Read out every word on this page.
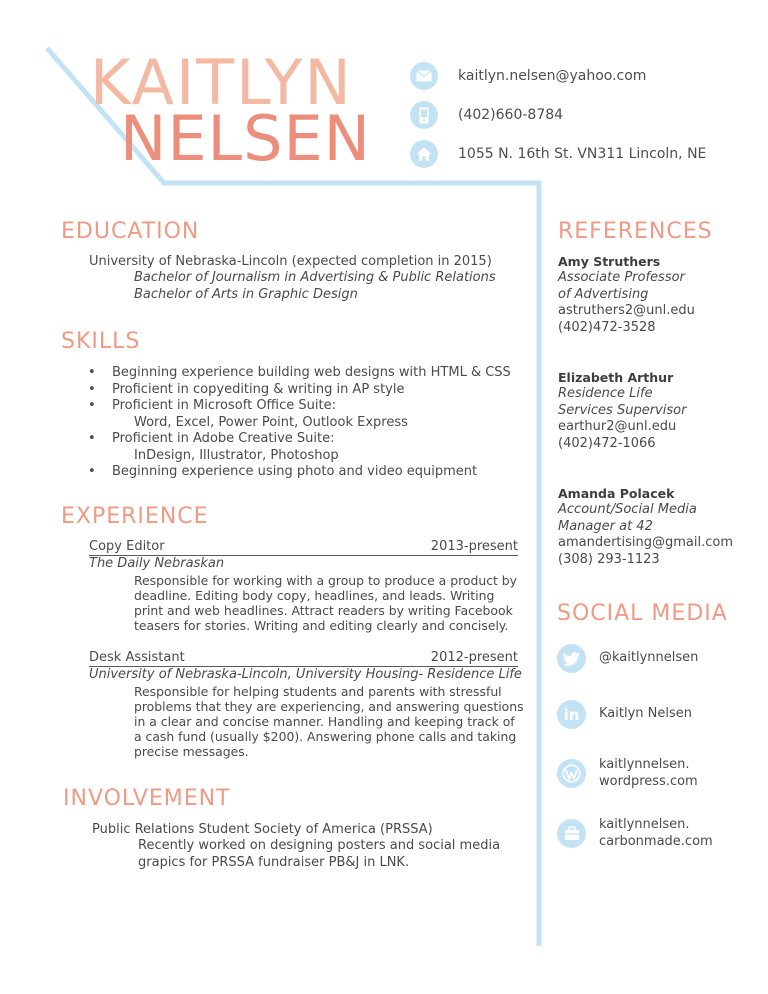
KAITLYN
NELSEN
kaitlyn.nelsen@yahoo.com
(402)660-8784
1055 N. 16th St. VN311 Lincoln, NE
EDUCATION
University of Nebraska-Lincoln (expected completion in 2015)
Bachelor of Journalism in Advertising & Public Relations
Bachelor of Arts in Graphic Design
SKILLS
• Beginning experience building web designs with HTML & CSS
• Proficient in copyediting & writing in AP style
• Proficient in Microsoft Office Suite:
Word, Excel, Power Point, Outlook Express
• Proficient in Adobe Creative Suite:
InDesign, Illustrator, Photoshop
• Beginning experience using photo and video equipment
EXPERIENCE
Copy Editor	2013-present
The Daily Nebraskan
Responsible for working with a group to produce a product by deadline. Editing body copy, headlines, and leads. Writing print and web headlines. Attract readers by writing Facebook teasers for stories. Writing and editing clearly and concisely.
Desk Assistant	2012-present
University of Nebraska-Lincoln, University Housing- Residence Life
Responsible for helping students and parents with stressful problems that they are experiencing, and answering questions in a clear and concise manner. Handling and keeping track of a cash fund (usually $200). Answering phone calls and taking precise messages.
INVOLVEMENT
Public Relations Student Society of America (PRSSA)
Recently worked on designing posters and social media
grapics for PRSSA fundraiser PB&J in LNK.
REFERENCES
Amy Struthers
Associate Professor
of Advertising
astruthers2@unl.edu
(402)472-3528
Elizabeth Arthur
Residence Life
Services Supervisor
earthur2@unl.edu
(402)472-1066
Amanda Polacek
Account/Social Media
Manager at 42
amandertising@gmail.com
(308) 293-1123
SOCIAL MEDIA
@kaitlynnelsen
in Kaitlyn Nelsen
kaitlynnelsen.
wordpress.com
kaitlynnelsen.
carbonmade.com
